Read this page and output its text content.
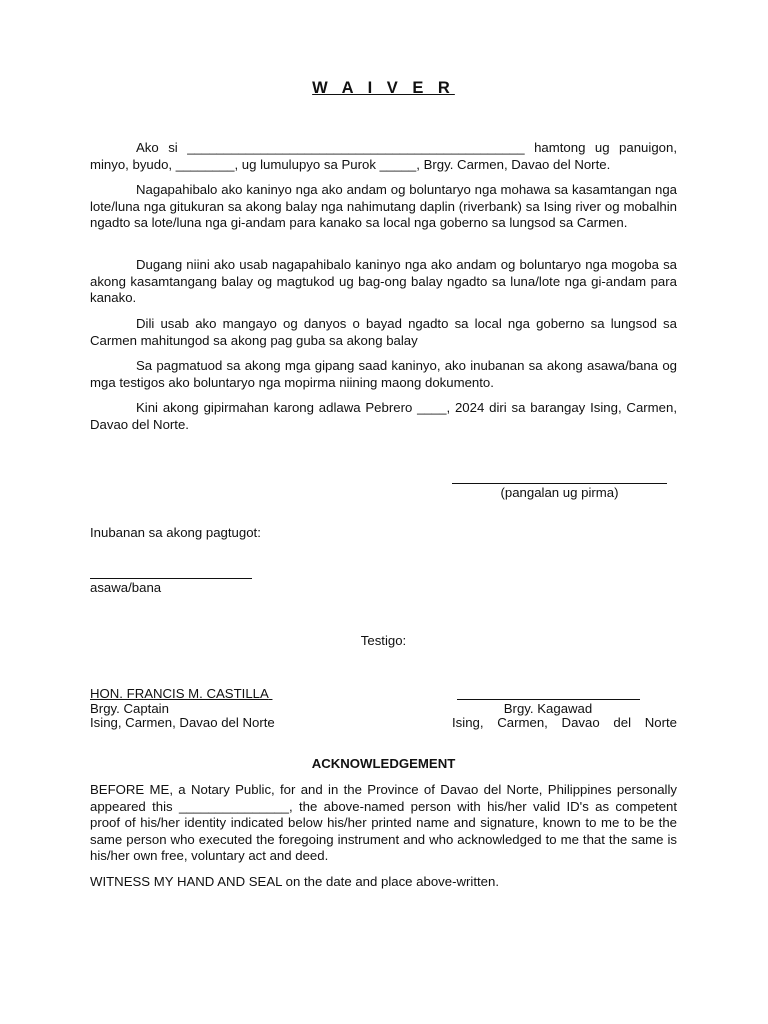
W A I V E R
Ako si ______________________________________________ hamtong ug panuigon, minyo, byudo, ________, ug lumulupyo sa Purok _____, Brgy. Carmen, Davao del Norte.
Nagapahibalo ako kaninyo nga ako andam og boluntaryo nga mohawa sa kasamtangan nga lote/luna nga gitukuran sa akong balay nga nahimutang daplin (riverbank) sa Ising river og mobalhin ngadto sa lote/luna nga gi-andam para kanako sa local nga goberno sa lungsod sa Carmen.
Dugang niini ako usab nagapahibalo kaninyo nga ako andam og boluntaryo nga mogoba sa akong kasamtangang balay og magtukod ug bag-ong balay ngadto sa luna/lote nga gi-andam para kanako.
Dili usab ako mangayo og danyos o bayad ngadto sa local nga goberno sa lungsod sa Carmen mahitungod sa akong pag guba sa akong balay
Sa pagmatuod sa akong mga gipang saad kaninyo, ako inubanan sa akong asawa/bana og mga testigos ako boluntaryo nga mopirma niining maong dokumento.
Kini akong gipirmahan karong adlawa Pebrero ____, 2024 diri sa barangay Ising, Carmen, Davao del Norte.
(pangalan ug pirma)
Inubanan sa akong pagtugot:
asawa/bana
Testigo:
HON. FRANCIS M. CASTILLA
Brgy. Captain
Ising, Carmen, Davao del Norte
Brgy. Kagawad
Ising, Carmen, Davao del Norte
ACKNOWLEDGEMENT
BEFORE ME, a Notary Public, for and in the Province of Davao del Norte, Philippines personally appeared this _______________, the above-named person with his/her valid ID's as competent proof of his/her identity indicated below his/her printed name and signature, known to me to be the same person who executed the foregoing instrument and who acknowledged to me that the same is his/her own free, voluntary act and deed.
WITNESS MY HAND AND SEAL on the date and place above-written.
